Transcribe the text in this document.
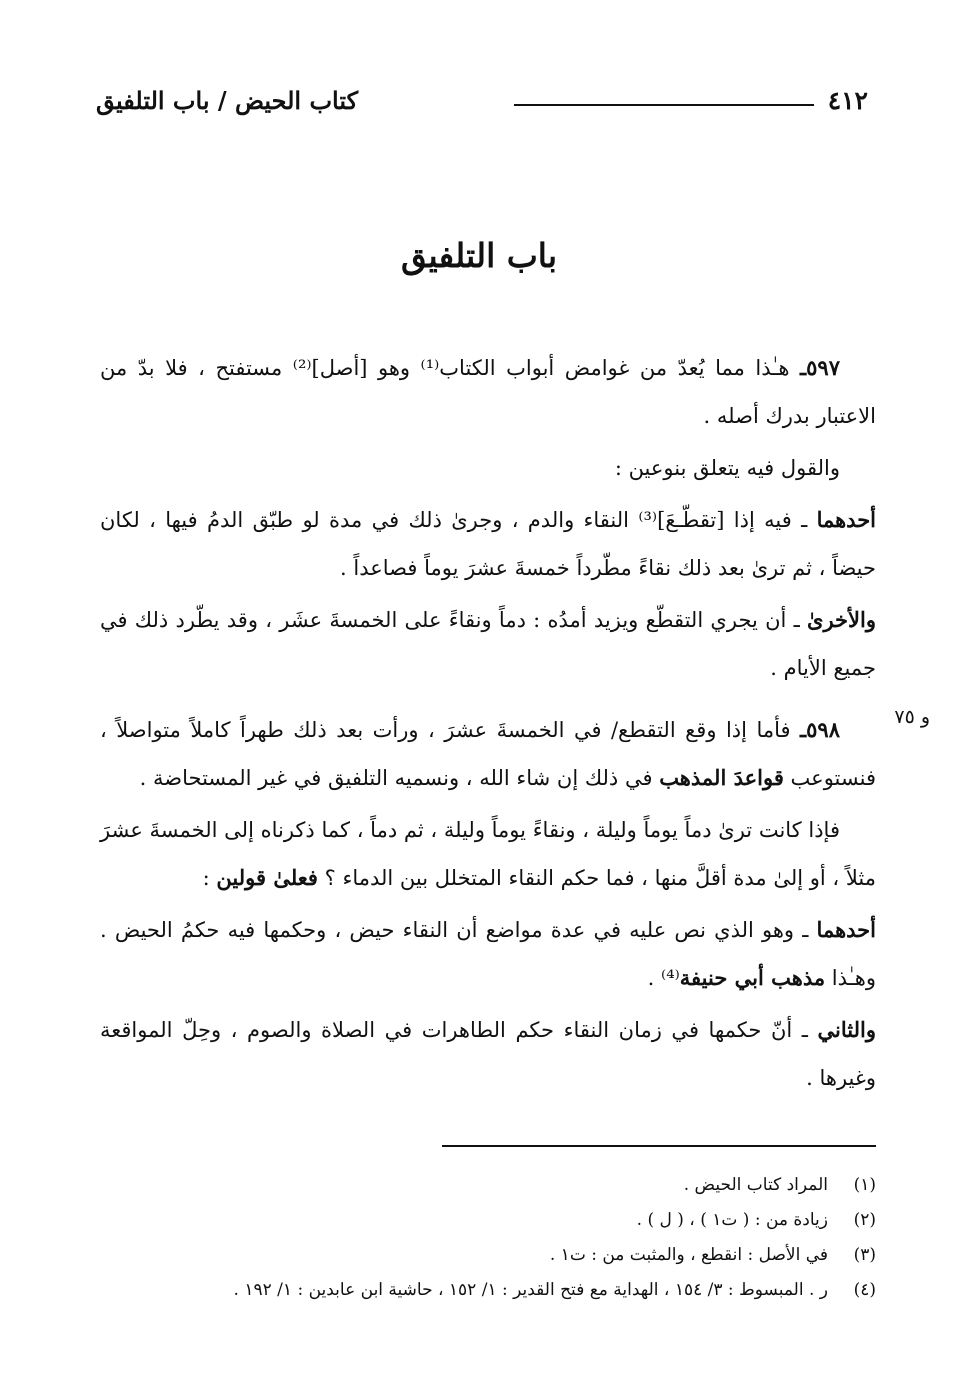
٤١٢
كتاب الحيض / باب التلفيق
باب التلفيق
و ٧٥

٥٩٧ـ هـٰذا مما يُعدّ من غوامض أبواب الكتاب⁽¹⁾ وهو [أصل]⁽²⁾ مستفتح ، فلا بدّ من الاعتبار بدرك أصله .

والقول فيه يتعلق بنوعين :

أحدهما ـ فيه إذا [تقطّـعَ]⁽³⁾ النقاء والدم ، وجرىٰ ذلك في مدة لو طبّق الدمُ فيها ، لكان حيضاً ، ثم ترىٰ بعد ذلك نقاءً مطّرداً خمسةَ عشرَ يوماً فصاعداً .

والأخرىٰ ـ أن يجري التقطّع ويزيد أمدُه : دماً ونقاءً على الخمسةَ عشَر ، وقد يطّرد ذلك في جميع الأيام .

٥٩٨ـ فأما إذا وقع التقطع/ في الخمسةَ عشرَ ، ورأت بعد ذلك طهراً كاملاً متواصلاً ، فنستوعب قواعدَ المذهب في ذلك إن شاء الله ، ونسميه التلفيق في غير المستحاضة .

فإذا كانت ترىٰ دماً يوماً وليلة ، ونقاءً يوماً وليلة ، ثم دماً ، كما ذكرناه إلى الخمسةَ عشرَ مثلاً ، أو إلىٰ مدة أقلَّ منها ، فما حكم النقاء المتخلل بين الدماء ؟ فعلىٰ قولين :

أحدهما ـ وهو الذي نص عليه في عدة مواضع أن النقاء حيض ، وحكمها فيه حكمُ الحيض . وهـٰذا مذهب أبي حنيفة⁽⁴⁾ .

والثاني ـ أنّ حكمها في زمان النقاء حكم الطاهرات في الصلاة والصوم ، وحِلّ المواقعة وغيرها .

(١)
المراد كتاب الحيض .
(٢)
زيادة من : ( ت١ ) ، ( ل ) .
(٣)
في الأصل : انقطع ، والمثبت من : ت١ .
(٤)
ر . المبسوط : ٣/ ١٥٤ ، الهداية مع فتح القدير : ١/ ١٥٢ ، حاشية ابن عابدين : ١/ ١٩٢ .
